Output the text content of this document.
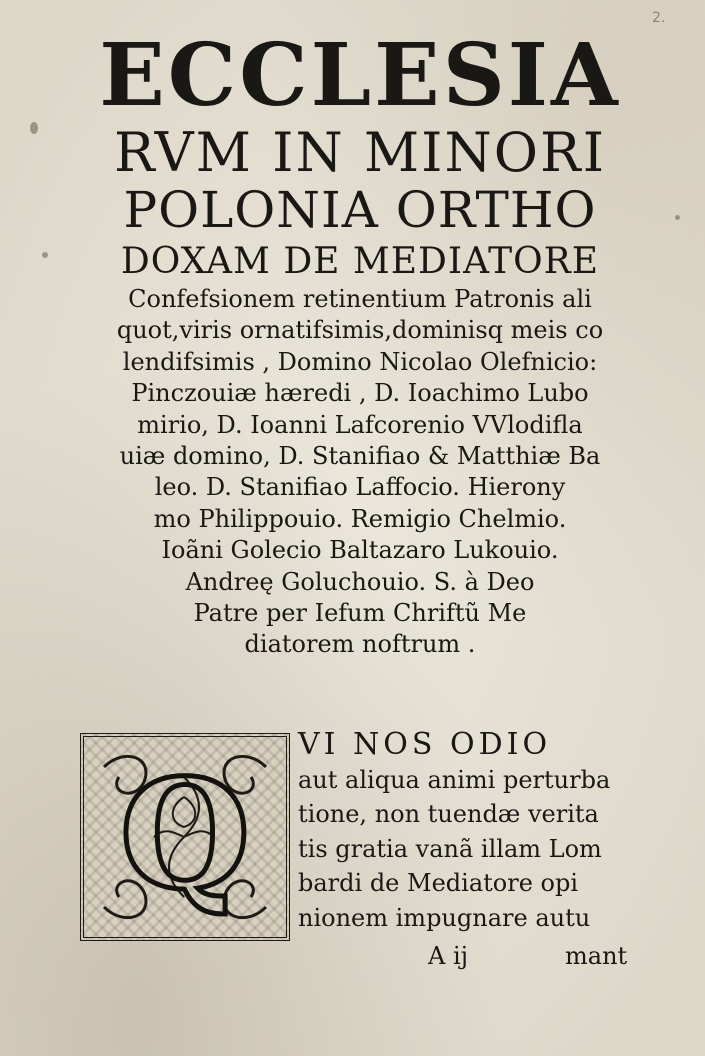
2.
ECCLESIA
RVM IN MINORI
POLONIA ORTHO
DOXAM DE MEDIATORE
Confefsionem retinentium Patronis ali
quot,viris ornatifsimis,dominisq meis co
lendifsimis , Domino Nicolao Olefnicio:
Pinczouiæ hæredi , D. Ioachimo Lubo
mirio, D. Ioanni Lafcorenio VVlodifla
uiæ domino, D. Stanifiao & Matthiæ Ba
leo. D. Stanifiao Laffocio. Hierony
mo Philippouio. Remigio Chelmio.
Ioãni Golecio Baltazaro Lukouio.
Andreę Goluchouio. S. à Deo
Patre per Iefum Chriftũ Me
diatorem noftrum .
Q
VI NOS ODIO
aut aliqua animi perturba
tione, non tuendæ verita
tis gratia vanã illam Lom
bardi de Mediatore opi
nionem impugnare autu
A ij	mant
